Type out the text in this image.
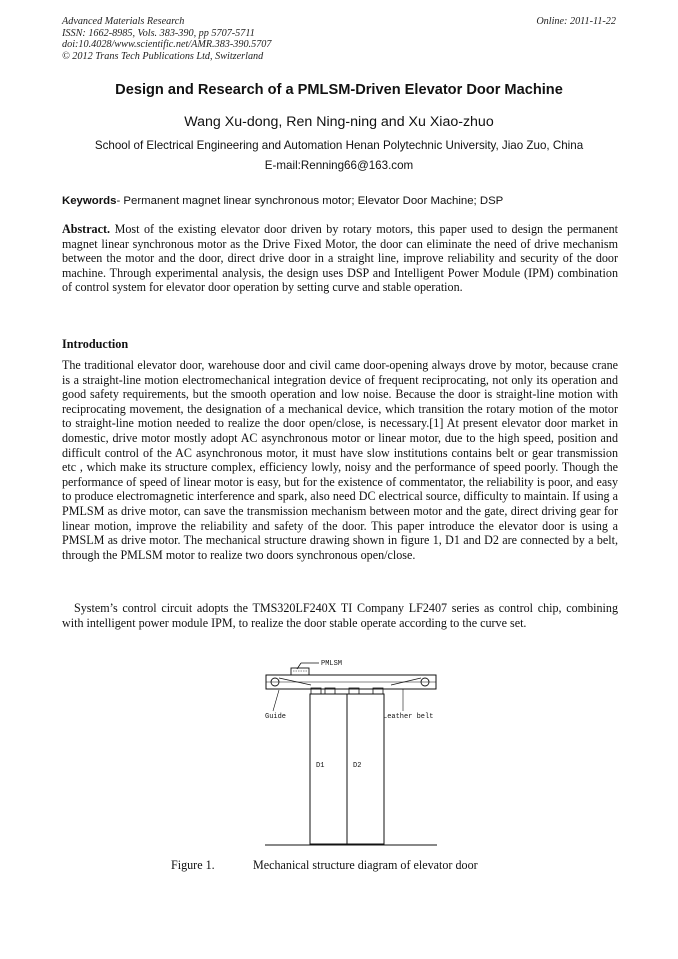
Advanced Materials Research
ISSN: 1662-8985, Vols. 383-390, pp 5707-5711
doi:10.4028/www.scientific.net/AMR.383-390.5707
© 2012 Trans Tech Publications Ltd, Switzerland
Online: 2011-11-22
Design and Research of a PMLSM-Driven Elevator Door Machine
Wang Xu-dong, Ren Ning-ning and Xu Xiao-zhuo
School of Electrical Engineering and Automation Henan Polytechnic University, Jiao Zuo, China
E-mail:Renning66@163.com
Keywords- Permanent magnet linear synchronous motor; Elevator Door Machine; DSP
Abstract. Most of the existing elevator door driven by rotary motors, this paper used to design the permanent magnet linear synchronous motor as the Drive Fixed Motor, the door can eliminate the need of drive mechanism between the motor and the door, direct drive door in a straight line, improve reliability and security of the door machine. Through experimental analysis, the design uses DSP and Intelligent Power Module (IPM) combination of control system for elevator door operation by setting curve and stable operation.
Introduction
The traditional elevator door, warehouse door and civil came door-opening always drove by motor, because crane is a straight-line motion electromechanical integration device of frequent reciprocating, not only its operation and good safety requirements, but the smooth operation and low noise. Because the door is straight-line motion with reciprocating movement, the designation of a mechanical device, which transition the rotary motion of the motor to straight-line motion needed to realize the door open/close, is necessary.[1] At present elevator door market in domestic, drive motor mostly adopt AC asynchronous motor or linear motor, due to the high speed, position and difficult control of the AC asynchronous motor, it must have slow institutions contains belt or gear transmission etc , which make its structure complex, efficiency lowly, noisy and the performance of speed poorly. Though the performance of speed of linear motor is easy, but for the existence of commentator, the reliability is poor, and easy to produce electromagnetic interference and spark, also need DC electrical source, difficulty to maintain. If using a PMLSM as drive motor, can save the transmission mechanism between motor and the gate, direct driving gear for linear motion, improve the reliability and safety of the door. This paper introduce the elevator door is using a PMSLM as drive motor. The mechanical structure drawing shown in figure 1, D1 and D2 are connected by a belt, through the PMLSM motor to realize two doors synchronous open/close.
System’s control circuit adopts the TMS320LF240X TI Company LF2407 series as control chip, combining with intelligent power module IPM, to realize the door stable operate according to the curve set.
PMLSM
Guide	Leather belt
D1	D2
Figure 1.	Mechanical structure diagram of elevator door
